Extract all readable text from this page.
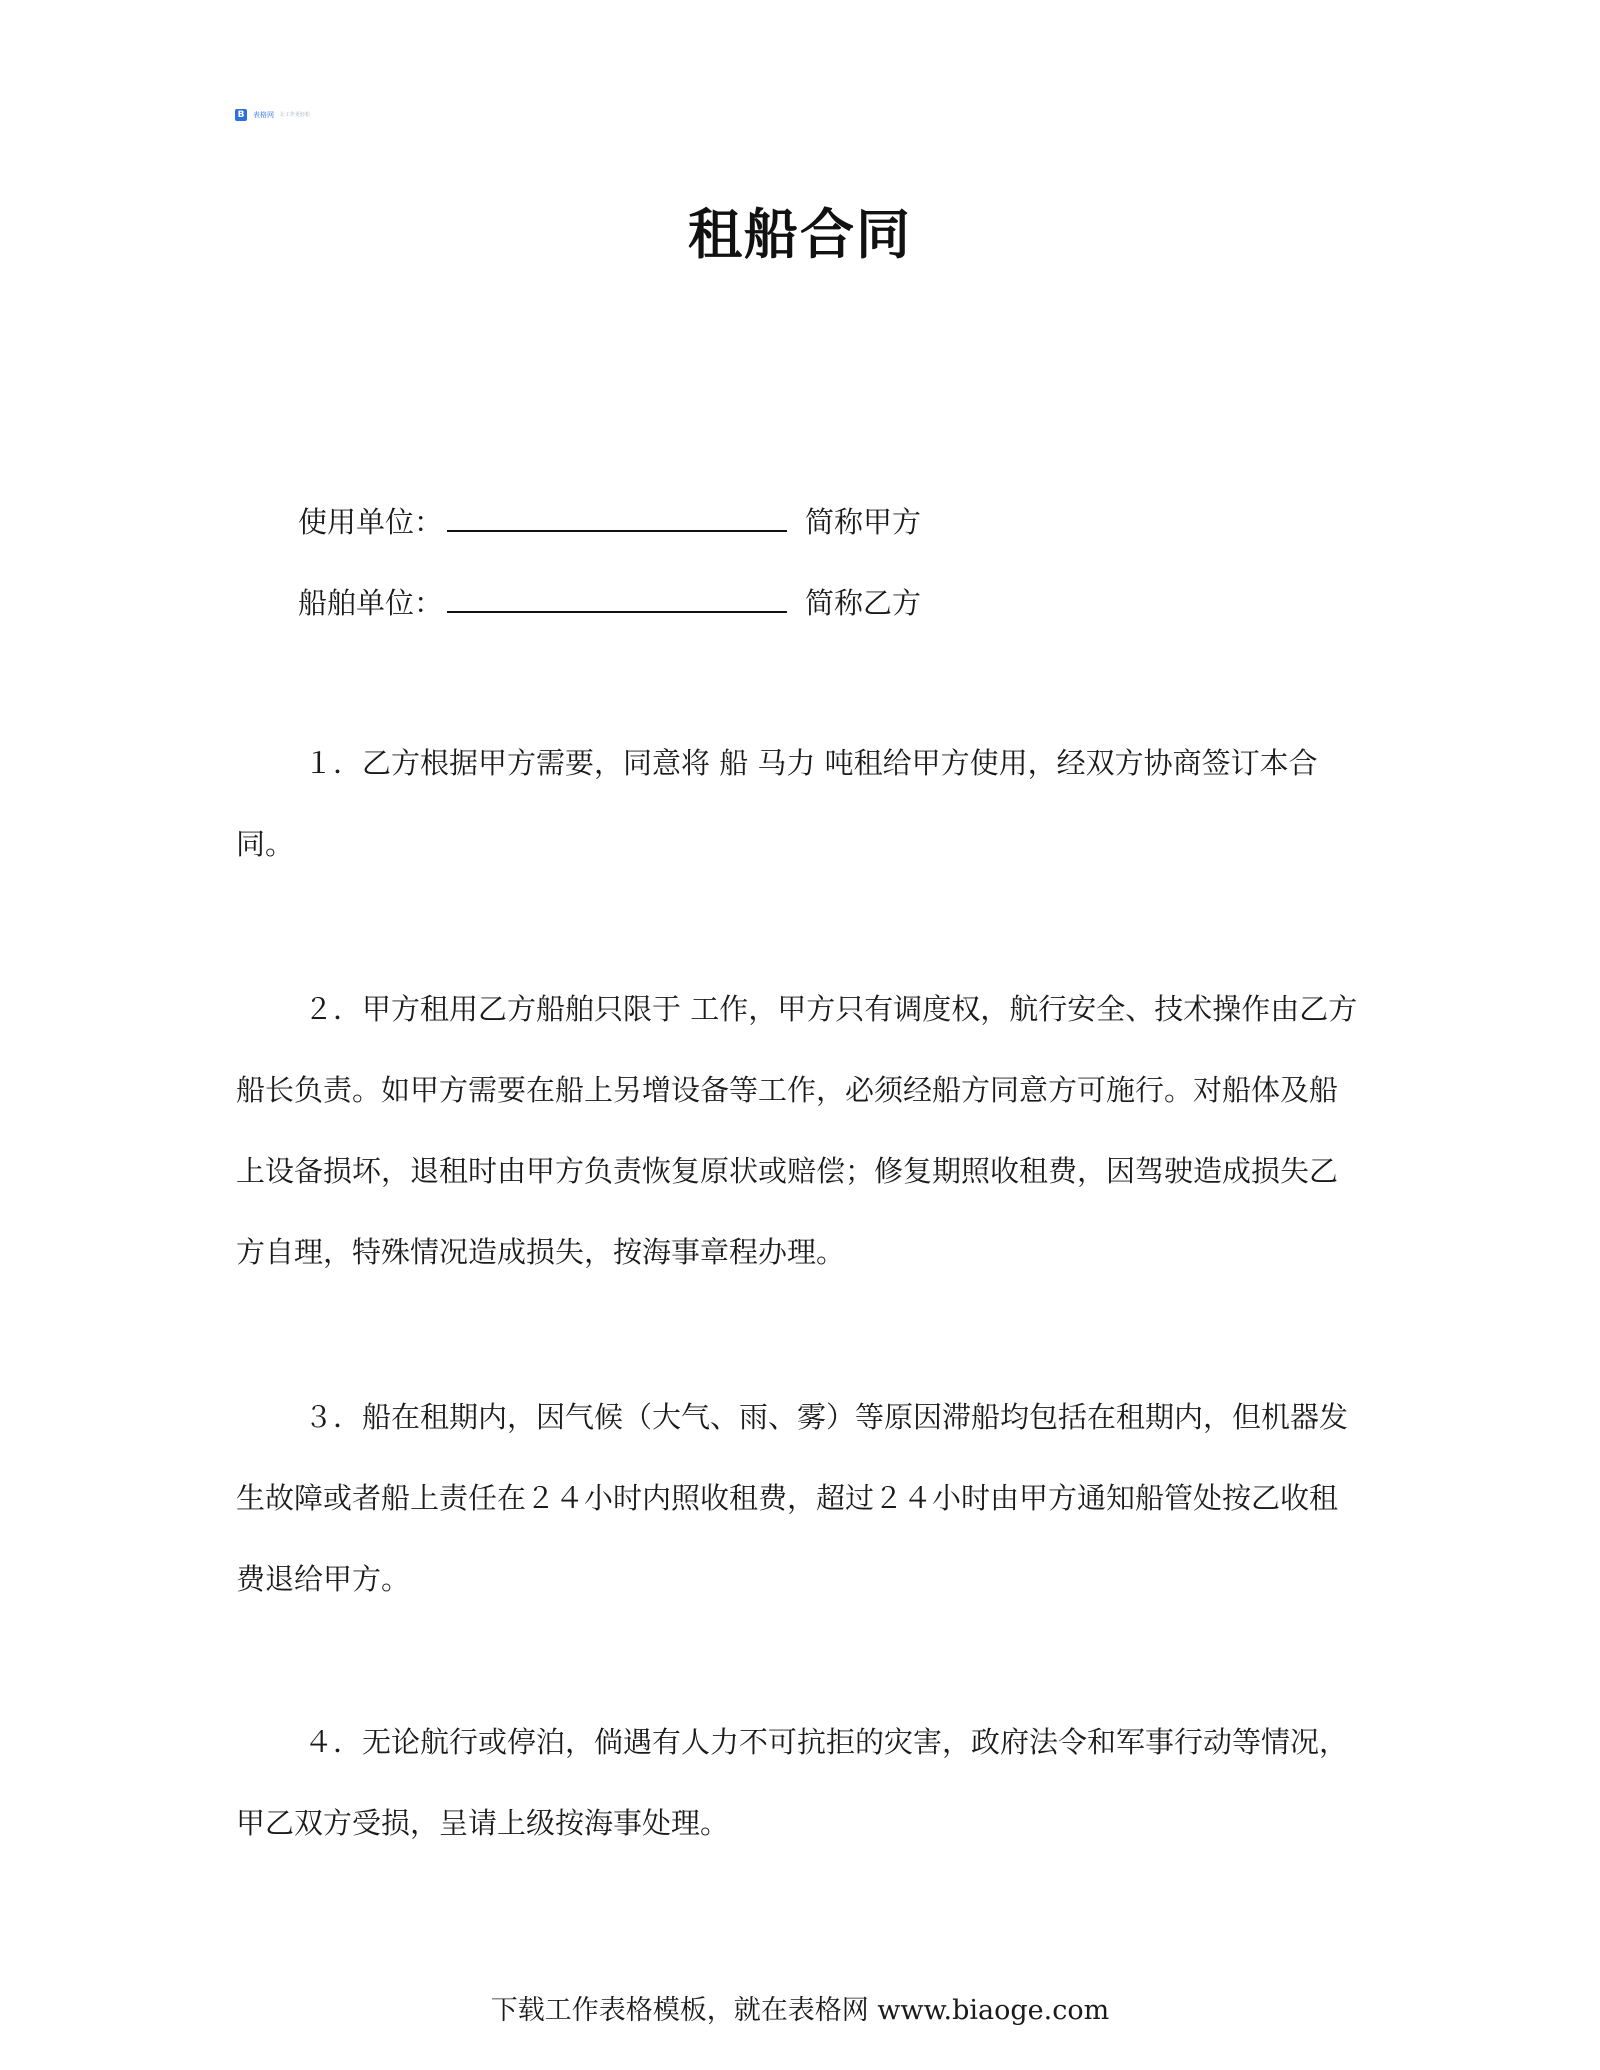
B	表格网 让工作更轻松
租船合同
使用单位：	简称甲方
船舶单位：	简称乙方

１．乙方根据甲方需要，同意将 船 马力 吨租给甲方使用，经双方协商签订本合同。

２．甲方租用乙方船舶只限于 工作，甲方只有调度权，航行安全、技术操作由乙方船长负责。如甲方需要在船上另增设备等工作，必须经船方同意方可施行。对船体及船上设备损坏，退租时由甲方负责恢复原状或赔偿；修复期照收租费，因驾驶造成损失乙方自理，特殊情况造成损失，按海事章程办理。

３．船在租期内，因气候（大气、雨、雾）等原因滞船均包括在租期内，但机器发生故障或者船上责任在２４小时内照收租费，超过２４小时由甲方通知船管处按乙收租费退给甲方。

４．无论航行或停泊，倘遇有人力不可抗拒的灾害，政府法令和军事行动等情况，甲乙双方受损，呈请上级按海事处理。

下载工作表格模板，就在表格网 www.biaoge.com
